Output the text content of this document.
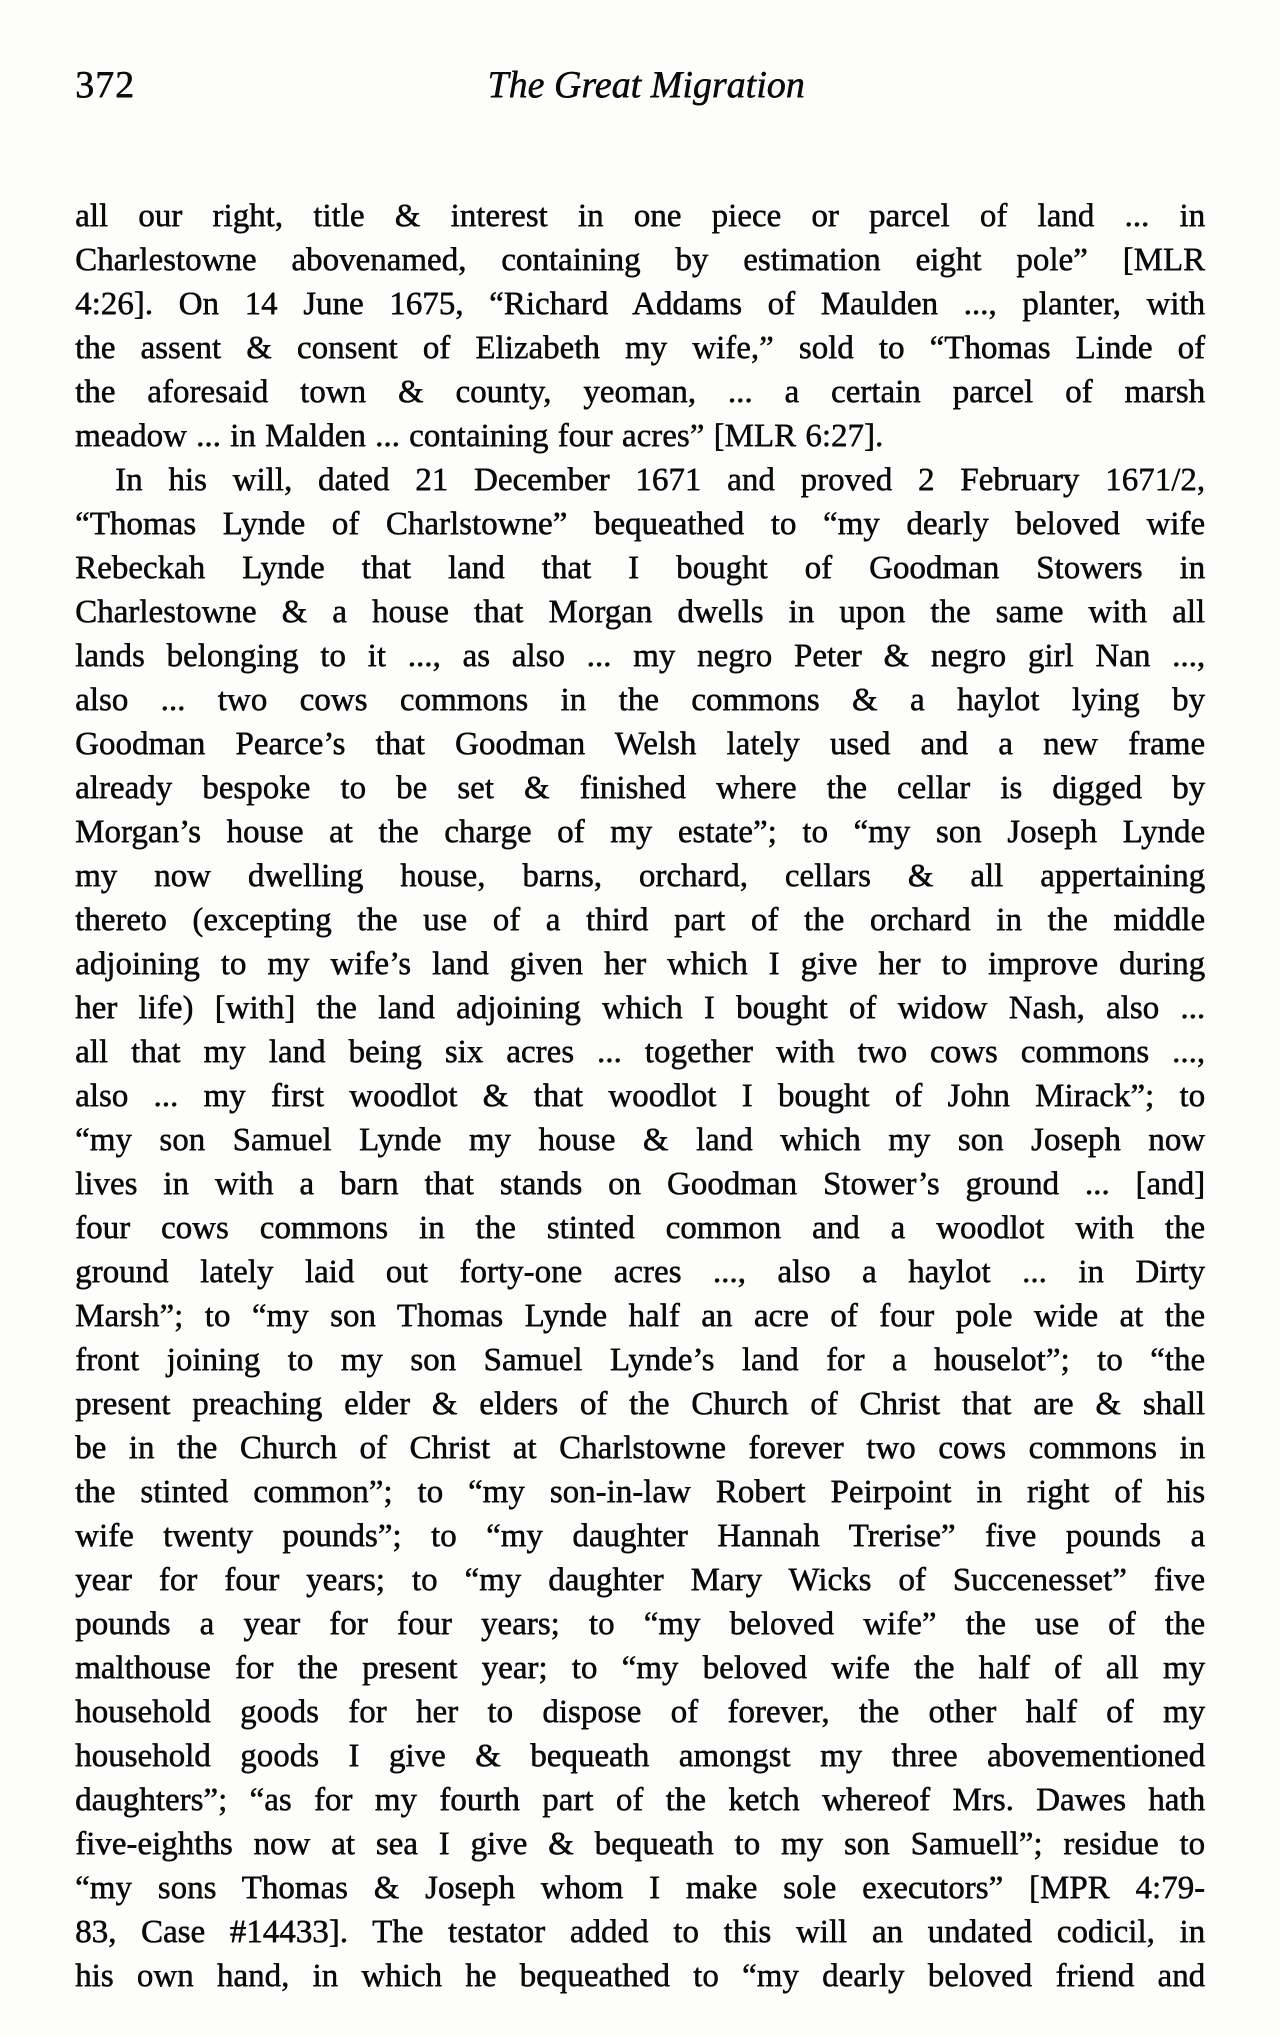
372	The Great Migration
all our right, title & interest in one piece or parcel of land ... in
Charlestowne abovenamed, containing by estimation eight pole” [MLR
4:26]. On 14 June 1675, “Richard Addams of Maulden ..., planter, with
the assent & consent of Elizabeth my wife,” sold to “Thomas Linde of
the aforesaid town & county, yeoman, ... a certain parcel of marsh
meadow ... in Malden ... containing four acres” [MLR 6:27].
In his will, dated 21 December 1671 and proved 2 February 1671/2,
“Thomas Lynde of Charlstowne” bequeathed to “my dearly beloved wife
Rebeckah Lynde that land that I bought of Goodman Stowers in
Charlestowne & a house that Morgan dwells in upon the same with all
lands belonging to it ..., as also ... my negro Peter & negro girl Nan ...,
also ... two cows commons in the commons & a haylot lying by
Goodman Pearce’s that Goodman Welsh lately used and a new frame
already bespoke to be set & finished where the cellar is digged by
Morgan’s house at the charge of my estate”; to “my son Joseph Lynde
my now dwelling house, barns, orchard, cellars & all appertaining
thereto (excepting the use of a third part of the orchard in the middle
adjoining to my wife’s land given her which I give her to improve during
her life) [with] the land adjoining which I bought of widow Nash, also ...
all that my land being six acres ... together with two cows commons ...,
also ... my first woodlot & that woodlot I bought of John Mirack”; to
“my son Samuel Lynde my house & land which my son Joseph now
lives in with a barn that stands on Goodman Stower’s ground ... [and]
four cows commons in the stinted common and a woodlot with the
ground lately laid out forty-one acres ..., also a haylot ... in Dirty
Marsh”; to “my son Thomas Lynde half an acre of four pole wide at the
front joining to my son Samuel Lynde’s land for a houselot”; to “the
present preaching elder & elders of the Church of Christ that are & shall
be in the Church of Christ at Charlstowne forever two cows commons in
the stinted common”; to “my son-in-law Robert Peirpoint in right of his
wife twenty pounds”; to “my daughter Hannah Trerise” five pounds a
year for four years; to “my daughter Mary Wicks of Succenesset” five
pounds a year for four years; to “my beloved wife” the use of the
malthouse for the present year; to “my beloved wife the half of all my
household goods for her to dispose of forever, the other half of my
household goods I give & bequeath amongst my three abovementioned
daughters”; “as for my fourth part of the ketch whereof Mrs. Dawes hath
five-eighths now at sea I give & bequeath to my son Samuell”; residue to
“my sons Thomas & Joseph whom I make sole executors” [MPR 4:79-
83, Case #14433]. The testator added to this will an undated codicil, in
his own hand, in which he bequeathed to “my dearly beloved friend and
